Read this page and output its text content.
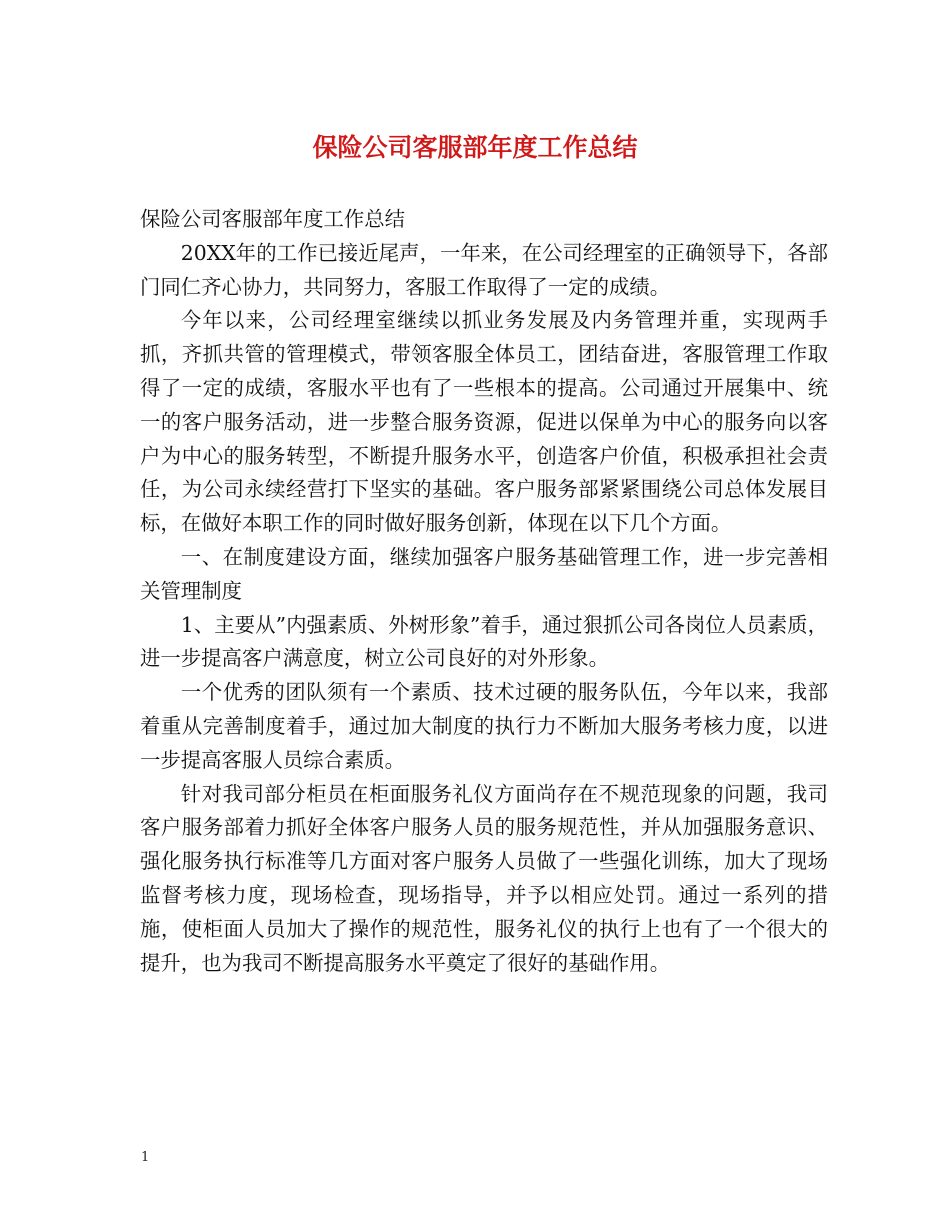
保险公司客服部年度工作总结

保险公司客服部年度工作总结

20XX年的工作已接近尾声，一年来，在公司经理室的正确领导下，各部门同仁齐心协力，共同努力，客服工作取得了一定的成绩。

今年以来，公司经理室继续以抓业务发展及内务管理并重，实现两手抓，齐抓共管的管理模式，带领客服全体员工，团结奋进，客服管理工作取得了一定的成绩，客服水平也有了一些根本的提高。公司通过开展集中、统一的客户服务活动，进一步整合服务资源，促进以保单为中心的服务向以客户为中心的服务转型，不断提升服务水平，创造客户价值，积极承担社会责任，为公司永续经营打下坚实的基础。客户服务部紧紧围绕公司总体发展目标，在做好本职工作的同时做好服务创新，体现在以下几个方面。

一、在制度建设方面，继续加强客户服务基础管理工作，进一步完善相关管理制度

1、主要从”内强素质、外树形象”着手，通过狠抓公司各岗位人员素质，进一步提高客户满意度，树立公司良好的对外形象。

一个优秀的团队须有一个素质、技术过硬的服务队伍，今年以来，我部着重从完善制度着手，通过加大制度的执行力不断加大服务考核力度，以进一步提高客服人员综合素质。

针对我司部分柜员在柜面服务礼仪方面尚存在不规范现象的问题，我司客户服务部着力抓好全体客户服务人员的服务规范性，并从加强服务意识、强化服务执行标准等几方面对客户服务人员做了一些强化训练，加大了现场监督考核力度，现场检查，现场指导，并予以相应处罚。通过一系列的措施，使柜面人员加大了操作的规范性，服务礼仪的执行上也有了一个很大的提升，也为我司不断提高服务水平奠定了很好的基础作用。

1
